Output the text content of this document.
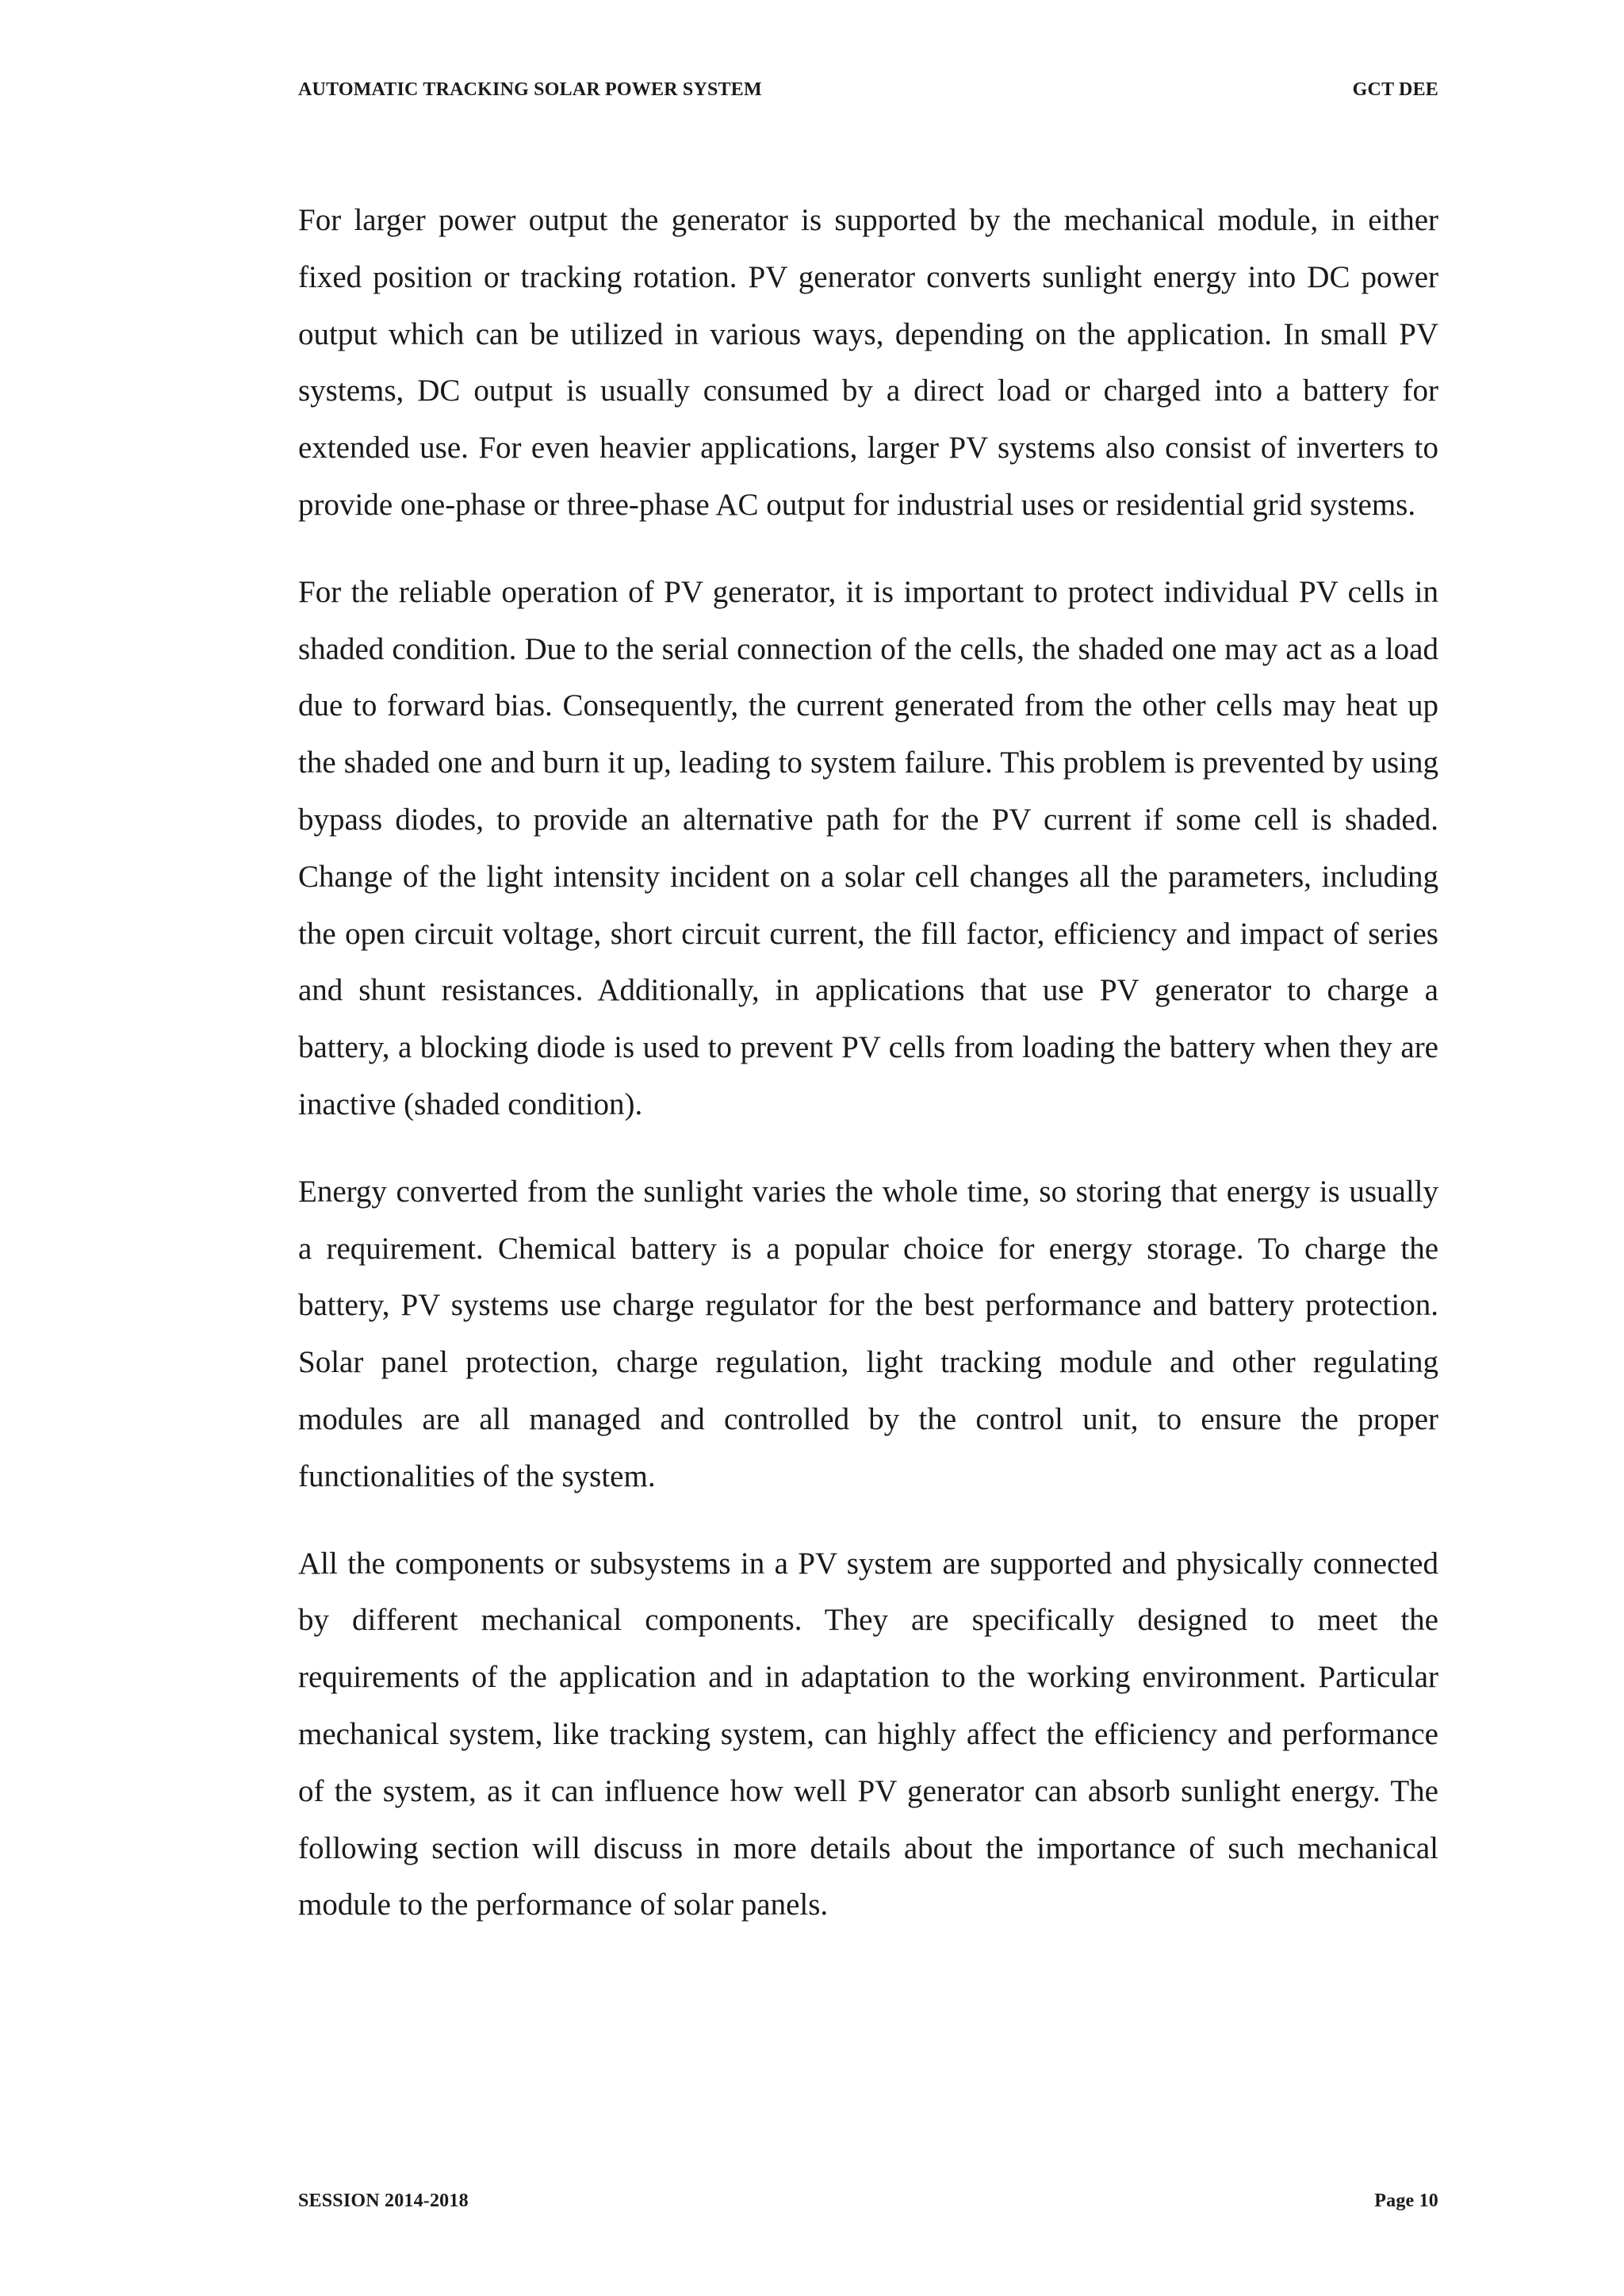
AUTOMATIC TRACKING SOLAR POWER SYSTEM	GCT DEE

For larger power output the generator is supported by the mechanical module, in either fixed position or tracking rotation. PV generator converts sunlight energy into DC power output which can be utilized in various ways, depending on the application. In small PV systems, DC output is usually consumed by a direct load or charged into a battery for extended use. For even heavier applications, larger PV systems also consist of inverters to provide one-phase or three-phase AC output for industrial uses or residential grid systems.

For the reliable operation of PV generator, it is important to protect individual PV cells in shaded condition. Due to the serial connection of the cells, the shaded one may act as a load due to forward bias. Consequently, the current generated from the other cells may heat up the shaded one and burn it up, leading to system failure. This problem is prevented by using bypass diodes, to provide an alternative path for the PV current if some cell is shaded. Change of the light intensity incident on a solar cell changes all the parameters, including the open circuit voltage, short circuit current, the fill factor, efficiency and impact of series and shunt resistances. Additionally, in applications that use PV generator to charge a battery, a blocking diode is used to prevent PV cells from loading the battery when they are inactive (shaded condition).

Energy converted from the sunlight varies the whole time, so storing that energy is usually a requirement. Chemical battery is a popular choice for energy storage. To charge the battery, PV systems use charge regulator for the best performance and battery protection. Solar panel protection, charge regulation, light tracking module and other regulating modules are all managed and controlled by the control unit, to ensure the proper functionalities of the system.

All the components or subsystems in a PV system are supported and physically connected by different mechanical components. They are specifically designed to meet the requirements of the application and in adaptation to the working environment. Particular mechanical system, like tracking system, can highly affect the efficiency and performance of the system, as it can influence how well PV generator can absorb sunlight energy. The following section will discuss in more details about the importance of such mechanical module to the performance of solar panels.

SESSION 2014-2018	Page 10
